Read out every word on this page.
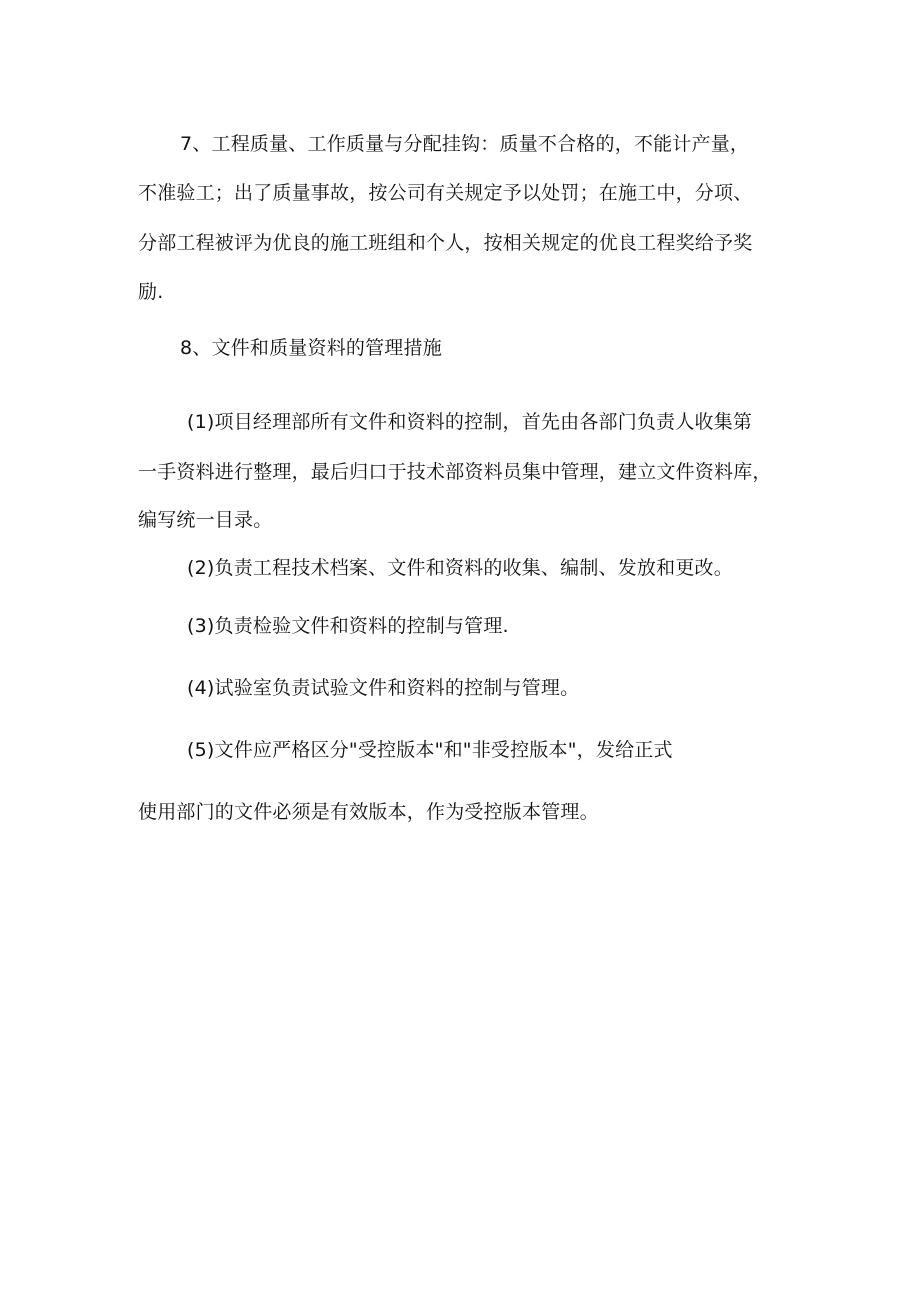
7、工程质量、工作质量与分配挂钩：质量不合格的，不能计产量，
不准验工；出了质量事故，按公司有关规定予以处罚；在施工中，分项、
分部工程被评为优良的施工班组和个人，按相关规定的优良工程奖给予奖
励.
8、文件和质量资料的管理措施
(1)项目经理部所有文件和资料的控制，首先由各部门负责人收集第
一手资料进行整理，最后归口于技术部资料员集中管理，建立文件资料库，
编写统一目录。
(2)负责工程技术档案、文件和资料的收集、编制、发放和更改。
(3)负责检验文件和资料的控制与管理.
(4)试验室负责试验文件和资料的控制与管理。
(5)文件应严格区分"受控版本"和"非受控版本"，发给正式
使用部门的文件必须是有效版本，作为受控版本管理。
